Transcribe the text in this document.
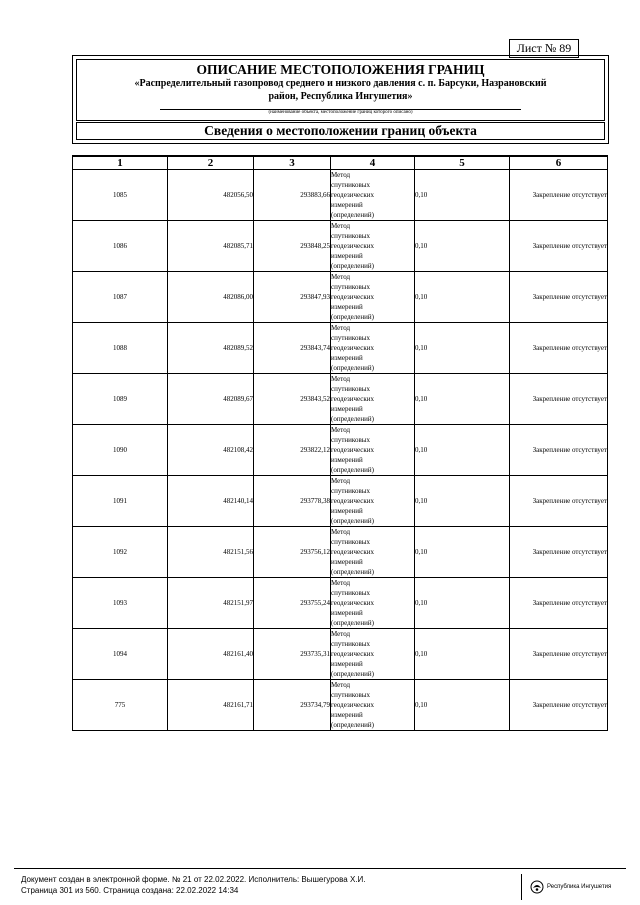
Лист № 89
ОПИСАНИЕ МЕСТОПОЛОЖЕНИЯ ГРАНИЦ
«Распределительный газопровод среднего и низкого давления с. п. Барсуки, Назрановский
район, Республика Ингушетия»
(наименование объекта, местоположение границ которого описано)
Сведения о местоположении границ объекта
1	2	3	4	5	6
1085	482056,50	293883,66	Метод
спутниковых
геодезических
измерений
(определений)	0,10	Закрепление отсутствует
1086	482085,71	293848,25	Метод
спутниковых
геодезических
измерений
(определений)	0,10	Закрепление отсутствует
1087	482086,00	293847,93	Метод
спутниковых
геодезических
измерений
(определений)	0,10	Закрепление отсутствует
1088	482089,52	293843,74	Метод
спутниковых
геодезических
измерений
(определений)	0,10	Закрепление отсутствует
1089	482089,67	293843,52	Метод
спутниковых
геодезических
измерений
(определений)	0,10	Закрепление отсутствует
1090	482108,42	293822,12	Метод
спутниковых
геодезических
измерений
(определений)	0,10	Закрепление отсутствует
1091	482140,14	293778,38	Метод
спутниковых
геодезических
измерений
(определений)	0,10	Закрепление отсутствует
1092	482151,56	293756,12	Метод
спутниковых
геодезических
измерений
(определений)	0,10	Закрепление отсутствует
1093	482151,97	293755,24	Метод
спутниковых
геодезических
измерений
(определений)	0,10	Закрепление отсутствует
1094	482161,40	293735,31	Метод
спутниковых
геодезических
измерений
(определений)	0,10	Закрепление отсутствует
775	482161,71	293734,79	Метод
спутниковых
геодезических
измерений
(определений)	0,10	Закрепление отсутствует
Документ создан в электронной форме. № 21 от 22.02.2022. Исполнитель: Вышегурова Х.И.
Страница 301 из 560. Страница создана: 22.02.2022 14:34	Республика Ингушетия
